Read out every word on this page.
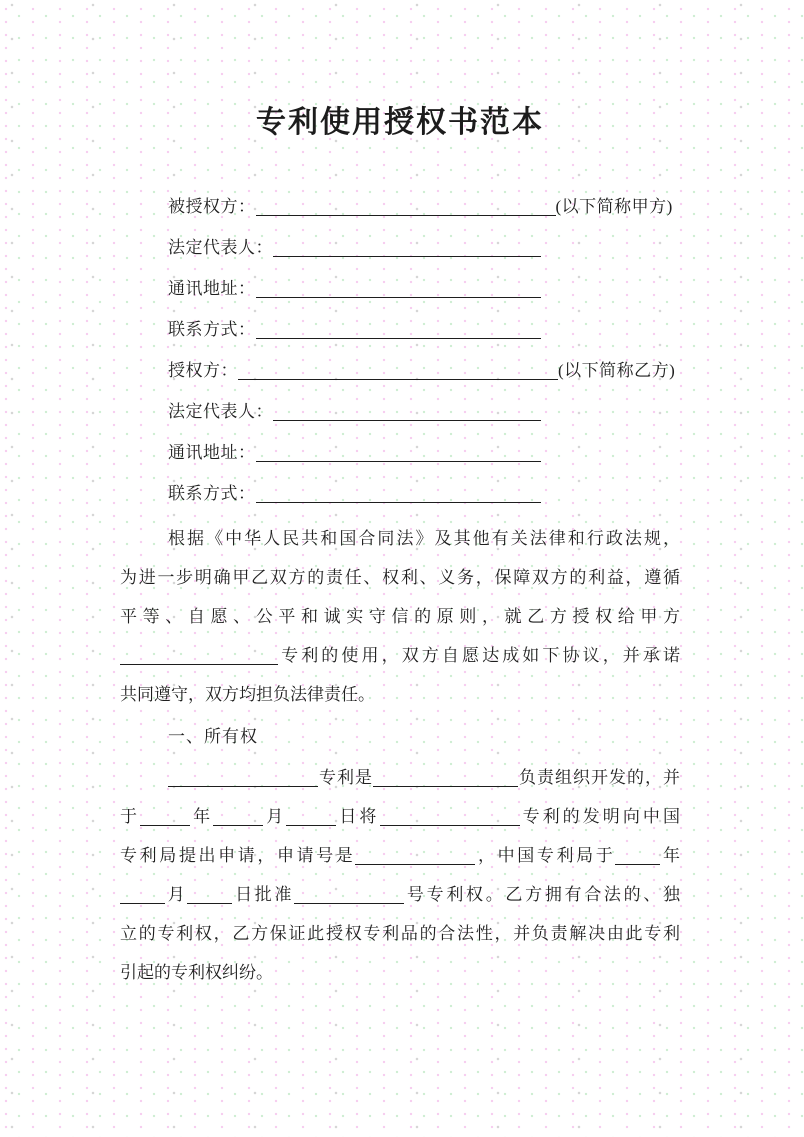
专利使用授权书范本
被授权方：	(以下简称甲方)
法定代表人：
通讯地址：
联系方式：
授权方：	(以下简称乙方)
法定代表人：
通讯地址：
联系方式：
根据《中华人民共和国合同法》及其他有关法律和行政法规，
为进一步明确甲乙双方的责任、权利、义务，保障双方的利益，遵循
平等、自愿、公平和诚实守信的原则，就乙方授权给甲方
专利的使用，双方自愿达成如下协议，并承诺
共同遵守，双方均担负法律责任。
一、所有权
专利是	负责组织开发的，并
于	年	月	日将	专利的发明向中国
专利局提出申请，申请号是	，中国专利局于	年
月	日批准	号专利权。乙方拥有合法的、独
立的专利权，乙方保证此授权专利品的合法性，并负责解决由此专利
引起的专利权纠纷。
